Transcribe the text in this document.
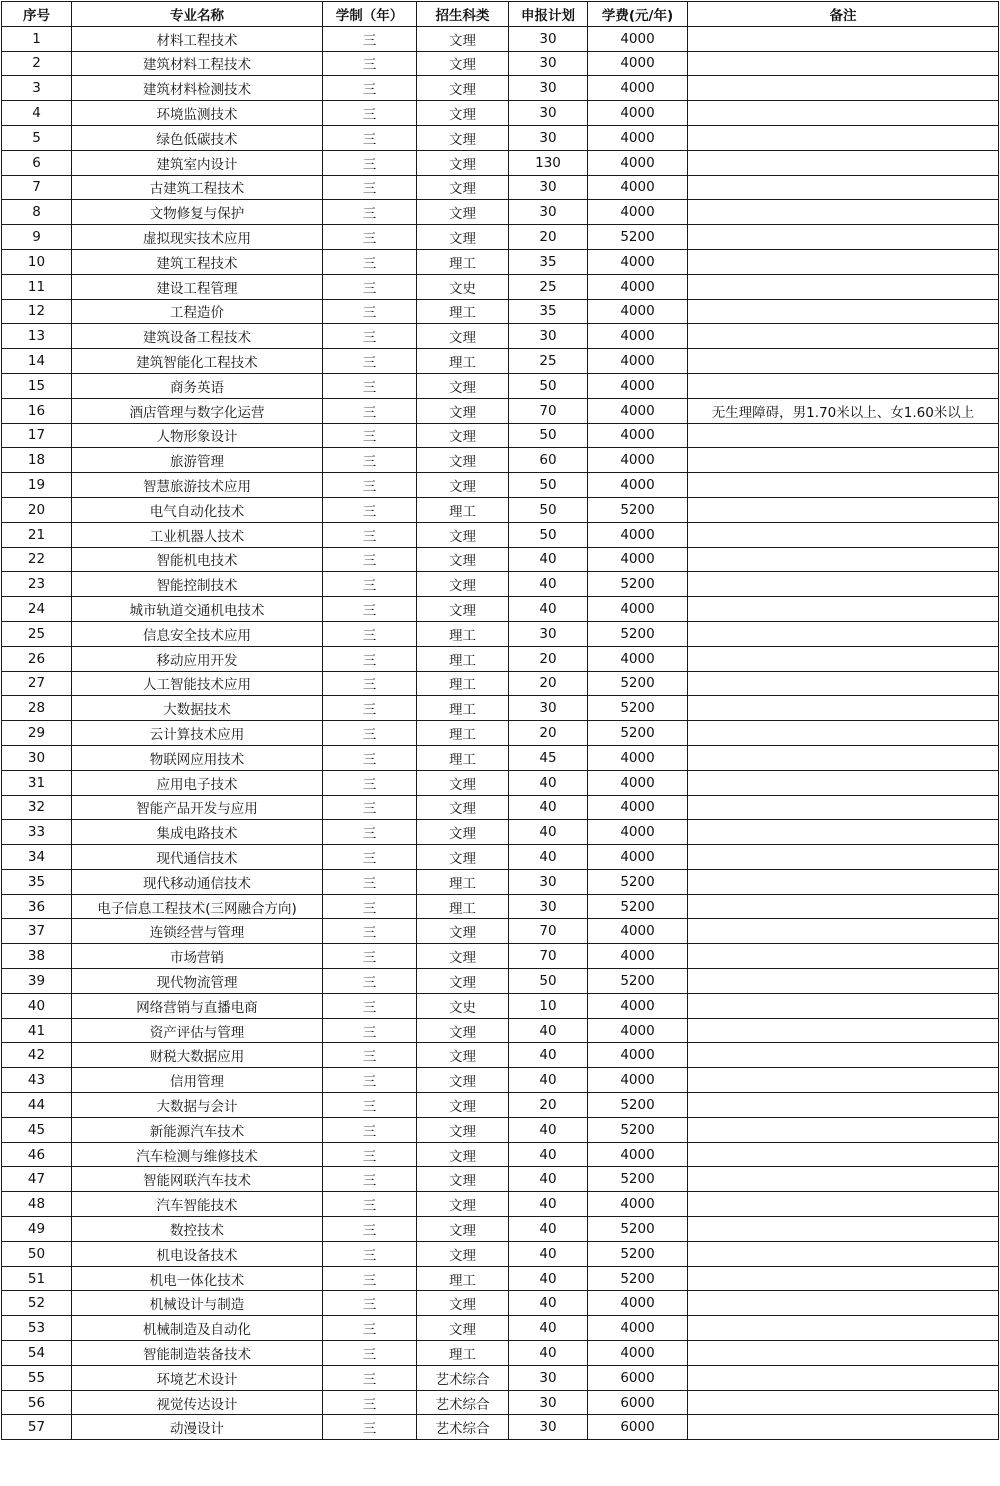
序号	专业名称	学制（年）	招生科类	申报计划	学费(元/年)	备注
1	材料工程技术	三	文理	30	4000	
2	建筑材料工程技术	三	文理	30	4000	
3	建筑材料检测技术	三	文理	30	4000	
4	环境监测技术	三	文理	30	4000	
5	绿色低碳技术	三	文理	30	4000	
6	建筑室内设计	三	文理	130	4000	
7	古建筑工程技术	三	文理	30	4000	
8	文物修复与保护	三	文理	30	4000	
9	虚拟现实技术应用	三	文理	20	5200	
10	建筑工程技术	三	理工	35	4000	
11	建设工程管理	三	文史	25	4000	
12	工程造价	三	理工	35	4000	
13	建筑设备工程技术	三	文理	30	4000	
14	建筑智能化工程技术	三	理工	25	4000	
15	商务英语	三	文理	50	4000	
16	酒店管理与数字化运营	三	文理	70	4000	无生理障碍，男1.70米以上、女1.60米以上
17	人物形象设计	三	文理	50	4000	
18	旅游管理	三	文理	60	4000	
19	智慧旅游技术应用	三	文理	50	4000	
20	电气自动化技术	三	理工	50	5200	
21	工业机器人技术	三	文理	50	4000	
22	智能机电技术	三	文理	40	4000	
23	智能控制技术	三	文理	40	5200	
24	城市轨道交通机电技术	三	文理	40	4000	
25	信息安全技术应用	三	理工	30	5200	
26	移动应用开发	三	理工	20	4000	
27	人工智能技术应用	三	理工	20	5200	
28	大数据技术	三	理工	30	5200	
29	云计算技术应用	三	理工	20	5200	
30	物联网应用技术	三	理工	45	4000	
31	应用电子技术	三	文理	40	4000	
32	智能产品开发与应用	三	文理	40	4000	
33	集成电路技术	三	文理	40	4000	
34	现代通信技术	三	文理	40	4000	
35	现代移动通信技术	三	理工	30	5200	
36	电子信息工程技术(三网融合方向)	三	理工	30	5200	
37	连锁经营与管理	三	文理	70	4000	
38	市场营销	三	文理	70	4000	
39	现代物流管理	三	文理	50	5200	
40	网络营销与直播电商	三	文史	10	4000	
41	资产评估与管理	三	文理	40	4000	
42	财税大数据应用	三	文理	40	4000	
43	信用管理	三	文理	40	4000	
44	大数据与会计	三	文理	20	5200	
45	新能源汽车技术	三	文理	40	5200	
46	汽车检测与维修技术	三	文理	40	4000	
47	智能网联汽车技术	三	文理	40	5200	
48	汽车智能技术	三	文理	40	4000	
49	数控技术	三	文理	40	5200	
50	机电设备技术	三	文理	40	5200	
51	机电一体化技术	三	理工	40	5200	
52	机械设计与制造	三	文理	40	4000	
53	机械制造及自动化	三	文理	40	4000	
54	智能制造装备技术	三	理工	40	4000	
55	环境艺术设计	三	艺术综合	30	6000	
56	视觉传达设计	三	艺术综合	30	6000	
57	动漫设计	三	艺术综合	30	6000	
